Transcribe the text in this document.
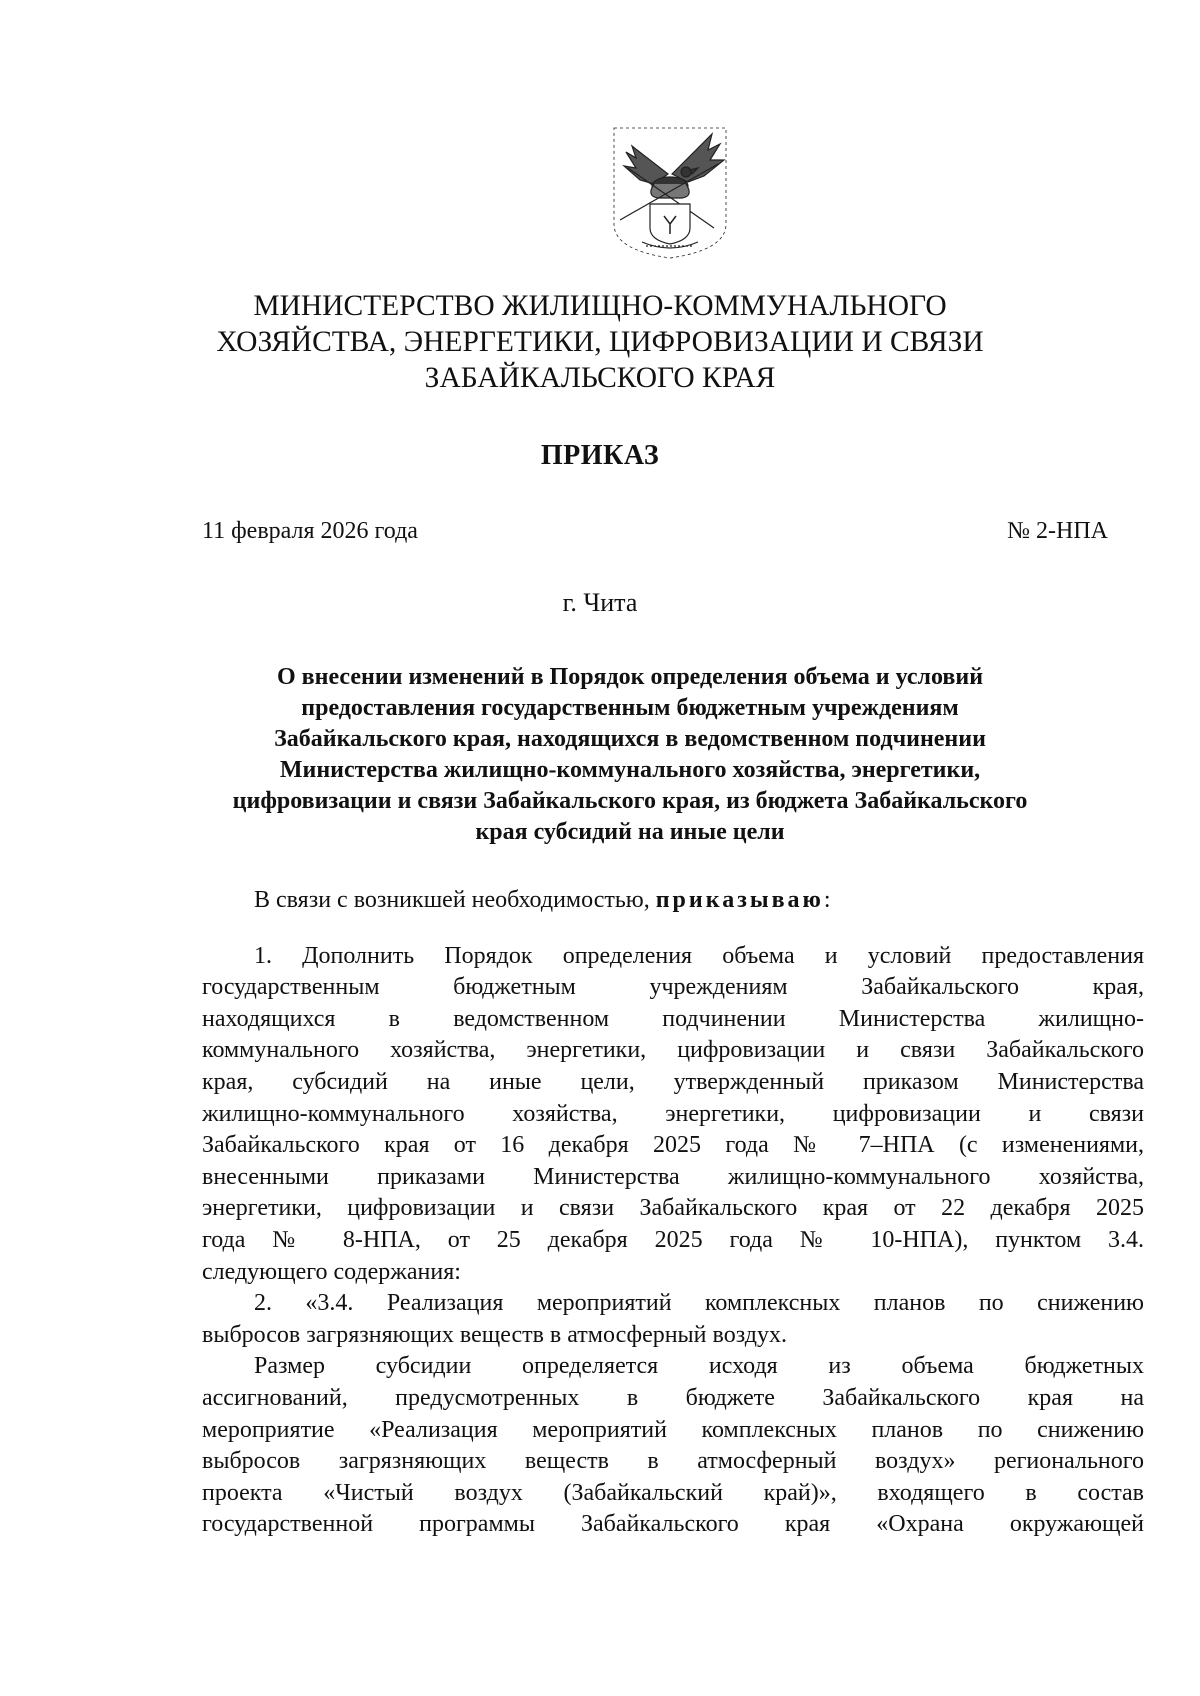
МИНИСТЕРСТВО ЖИЛИЩНО-КОММУНАЛЬНОГО
ХОЗЯЙСТВА, ЭНЕРГЕТИКИ, ЦИФРОВИЗАЦИИ И СВЯЗИ
ЗАБАЙКАЛЬСКОГО КРАЯ
ПРИКАЗ
11 февраля 2026 года	№ 2-НПА
г. Чита
О внесении изменений в Порядок определения объема и условий
предоставления государственным бюджетным учреждениям
Забайкальского края, находящихся в ведомственном подчинении
Министерства жилищно-коммунального хозяйства, энергетики,
цифровизации и связи Забайкальского края, из бюджета Забайкальского
края субсидий на иные цели
В связи с возникшей необходимостью, приказываю:
1. Дополнить Порядок определения объема и условий предоставления
государственным бюджетным учреждениям Забайкальского края,
находящихся в ведомственном подчинении Министерства жилищно-
коммунального хозяйства, энергетики, цифровизации и связи Забайкальского
края, субсидий на иные цели, утвержденный приказом Министерства
жилищно-коммунального хозяйства, энергетики, цифровизации и связи
Забайкальского края от 16 декабря 2025 года № 7–НПА (с изменениями,
внесенными приказами Министерства жилищно-коммунального хозяйства,
энергетики, цифровизации и связи Забайкальского края от 22 декабря 2025
года № 8-НПА, от 25 декабря 2025 года № 10-НПА), пунктом 3.4.
следующего содержания:
2. «3.4. Реализация мероприятий комплексных планов по снижению
выбросов загрязняющих веществ в атмосферный воздух.
Размер субсидии определяется исходя из объема бюджетных
ассигнований, предусмотренных в бюджете Забайкальского края на
мероприятие «Реализация мероприятий комплексных планов по снижению
выбросов загрязняющих веществ в атмосферный воздух» регионального
проекта «Чистый воздух (Забайкальский край)», входящего в состав
государственной программы Забайкальского края «Охрана окружающей
